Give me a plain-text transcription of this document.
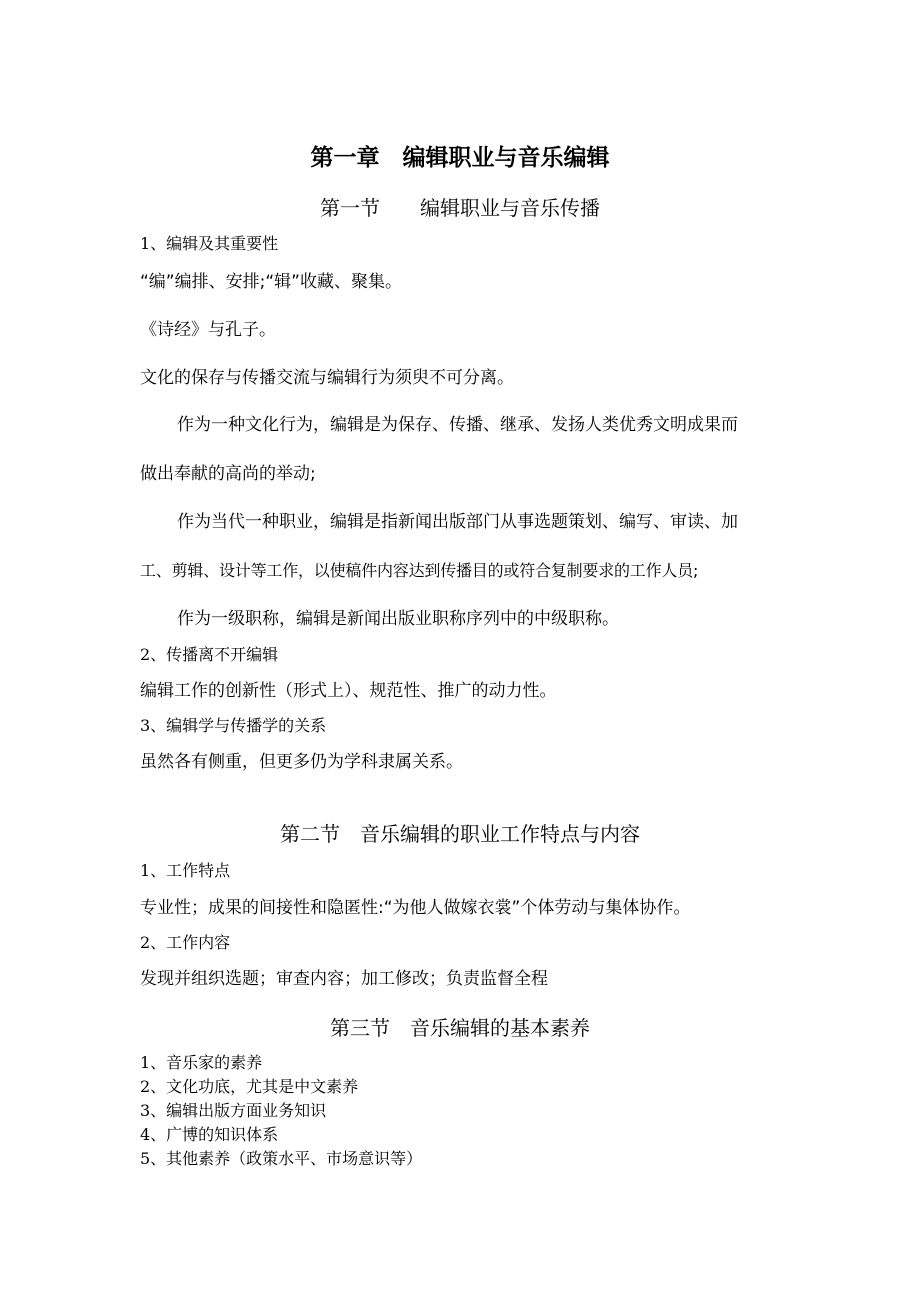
第一章　编辑职业与音乐编辑
第一节　　编辑职业与音乐传播
1、编辑及其重要性
“编”编排、安排;“辑”收藏、聚集。
《诗经》与孔子。
文化的保存与传播交流与编辑行为须臾不可分离。
作为一种文化行为，编辑是为保存、传播、继承、发扬人类优秀文明成果而
做出奉献的高尚的举动;
作为当代一种职业，编辑是指新闻出版部门从事选题策划、编写、审读、加
工、剪辑、设计等工作，以使稿件内容达到传播目的或符合复制要求的工作人员;
作为一级职称，编辑是新闻出版业职称序列中的中级职称。
2、传播离不开编辑
编辑工作的创新性（形式上）、规范性、推广的动力性。
3、编辑学与传播学的关系
虽然各有侧重，但更多仍为学科隶属关系。
第二节　音乐编辑的职业工作特点与内容
1、工作特点
专业性；成果的间接性和隐匿性:“为他人做嫁衣裳”个体劳动与集体协作。
2、工作内容
发现并组织选题；审查内容；加工修改；负责监督全程
第三节　音乐编辑的基本素养
1、音乐家的素养
2、文化功底，尤其是中文素养
3、编辑出版方面业务知识
4、广博的知识体系
5、其他素养（政策水平、市场意识等）
